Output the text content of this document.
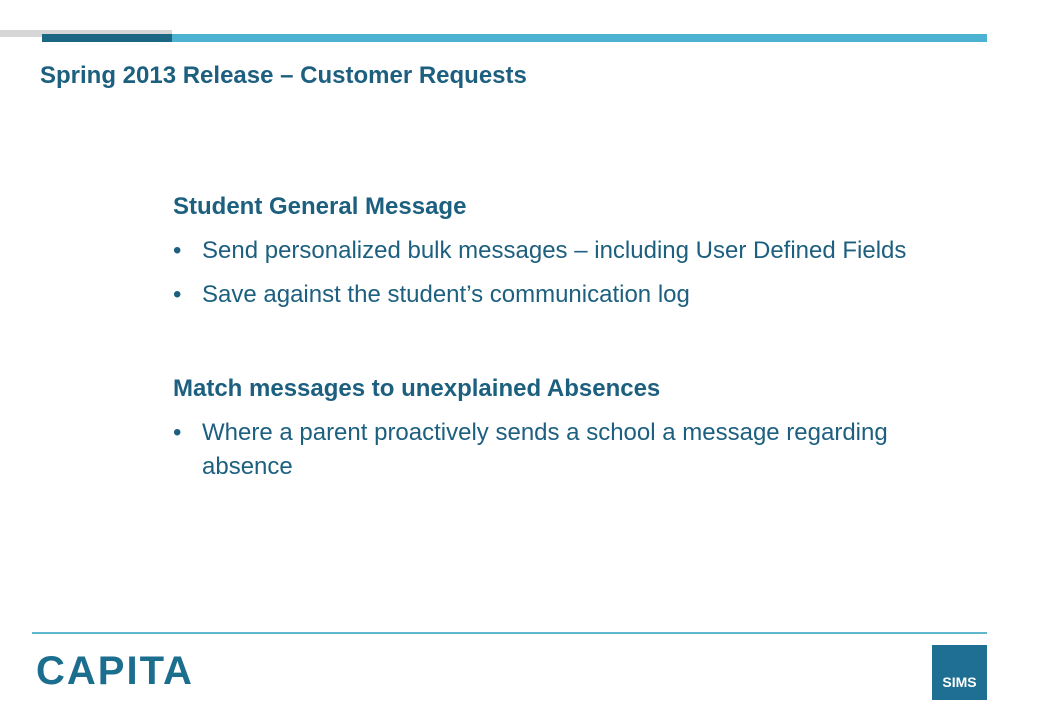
Spring 2013 Release – Customer Requests
Student General Message
• Send personalized bulk messages – including User Defined Fields
• Save against the student’s communication log
Match messages to unexplained Absences
• Where a parent proactively sends a school a message regarding absence
CAPITA	SIMS
